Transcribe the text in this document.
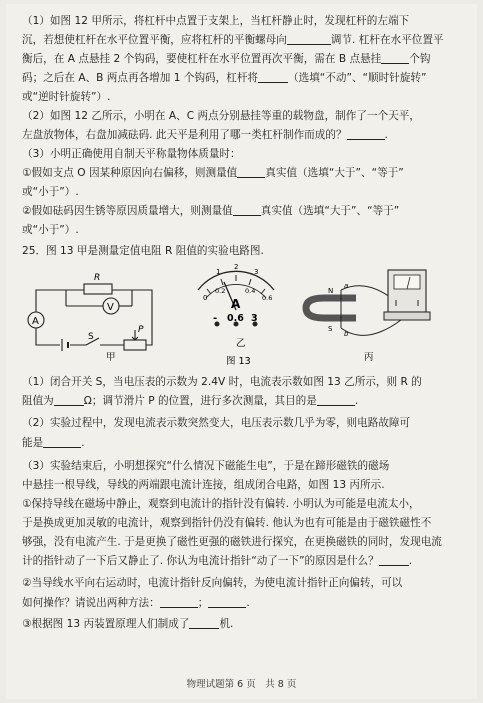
（1）如图 12 甲所示，将杠杆中点置于支架上，当杠杆静止时，发现杠杆的左端下
沉，若想使杠杆在水平位置平衡，应将杠杆的平衡螺母向	调节. 杠杆在水平位置平
衡后，在 A 点悬挂 2 个钩码，要使杠杆在水平位置再次平衡，需在 B 点悬挂	个钩
码；之后在 A、B 两点再各增加 1 个钩码，杠杆将	（选填“不动”、“顺时针旋转”
或“逆时针旋转”）.
（2）如图 12 乙所示，小明在 A、C 两点分别悬挂等重的载物盘，制作了一个天平，
左盘放物体，右盘加减砝码. 此天平是利用了哪一类杠杆制作而成的？	.
（3）小明正确使用自制天平称量物体质量时：
①假如支点 O 因某种原因向右偏移，则测量值	真实值（选填“大于”、“等于”
或“小于”）.
②假如砝码因生锈等原因质量增大，则测量值	真实值（选填“大于”、“等于”
或“小于”）.
25．图 13 甲是测量定值电阻 R 阻值的实验电路图.
R
V
A
S
P
甲
0
0.2	0.4
0.6
1
2
3
A
- 0.6 3
乙
图 13
N
S
a
b
丙
（1）闭合开关 S，当电压表的示数为 2.4V 时，电流表示数如图 13 乙所示，则 R 的
阻值为	Ω；调节滑片 P 的位置，进行多次测量，其目的是	.
（2）实验过程中，发现电流表示数突然变大，电压表示数几乎为零，则电路故障可
能是	.
（3）实验结束后，小明想探究“什么情况下磁能生电”，于是在蹄形磁铁的磁场
中悬挂一根导线，导线的两端跟电流计连接，组成闭合电路，如图 13 丙所示.
①保持导线在磁场中静止，观察到电流计的指针没有偏转. 小明认为可能是电流太小，
于是换成更加灵敏的电流计，观察到指针仍没有偏转. 他认为也有可能是由于磁铁磁性不
够强，没有电流产生. 于是更换了磁性更强的磁铁进行探究，在更换磁铁的同时，发现电流
计的指针动了一下后又静止了. 你认为电流计指针“动了一下”的原因是什么？	.
②当导线水平向右运动时，电流计指针反向偏转，为使电流计指针正向偏转，可以
如何操作？请说出两种方法：	；	.
③根据图 13 丙装置原理人们制成了	机.
物理试题第 6 页　共 8 页
